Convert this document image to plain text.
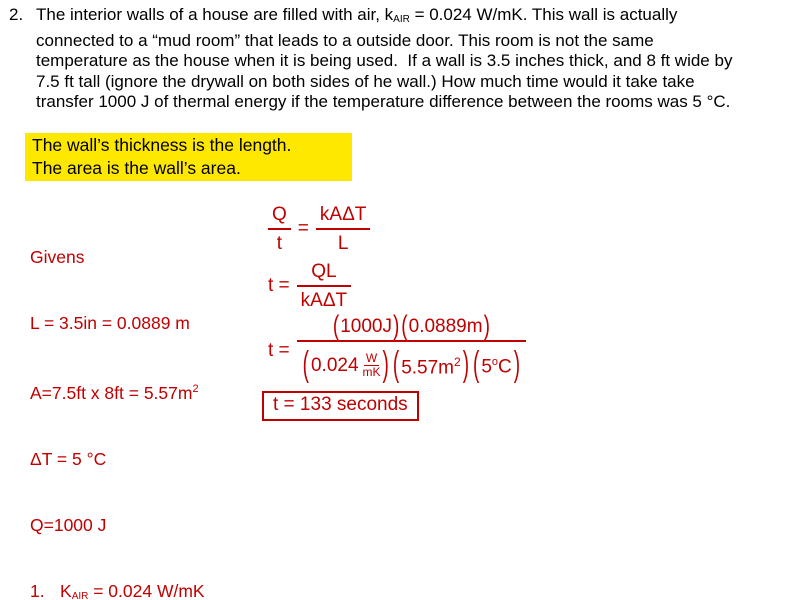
2. The interior walls of a house are filled with air, $k_{AIR} = 0.024$ W/mK. This wall is actually
connected to a “mud room” that leads to a outside door. This room is not the same
temperature as the house when it is being used.  If a wall is 3.5 inches thick, and 8 ft wide by
7.5 ft tall (ignore the drywall on both sides of he wall.) How much time would it take take
transfer 1000 J of thermal energy if the temperature difference between the rooms was 5 °C.
The wall’s thickness is the length.
The area is the wall’s area.

Givens

L = 3.5in = 0.0889 m

A=7.5ft x $8ft = 5.57m^2$

ΔT = 5 °C

Q=1000 J

1. $K_{AIR} = 0.024$ W/mK

$\frac{Q}{t} = \frac{\text{kAΔT}}{L}$
$t = \frac{QL}{\text{kAΔT}}$
t = ( 1000J ) ( 0.0889m )
( 0.024 W
mK ) ( $5.57m^2$ ) ( 5$^o$C )
t = 133 seconds
